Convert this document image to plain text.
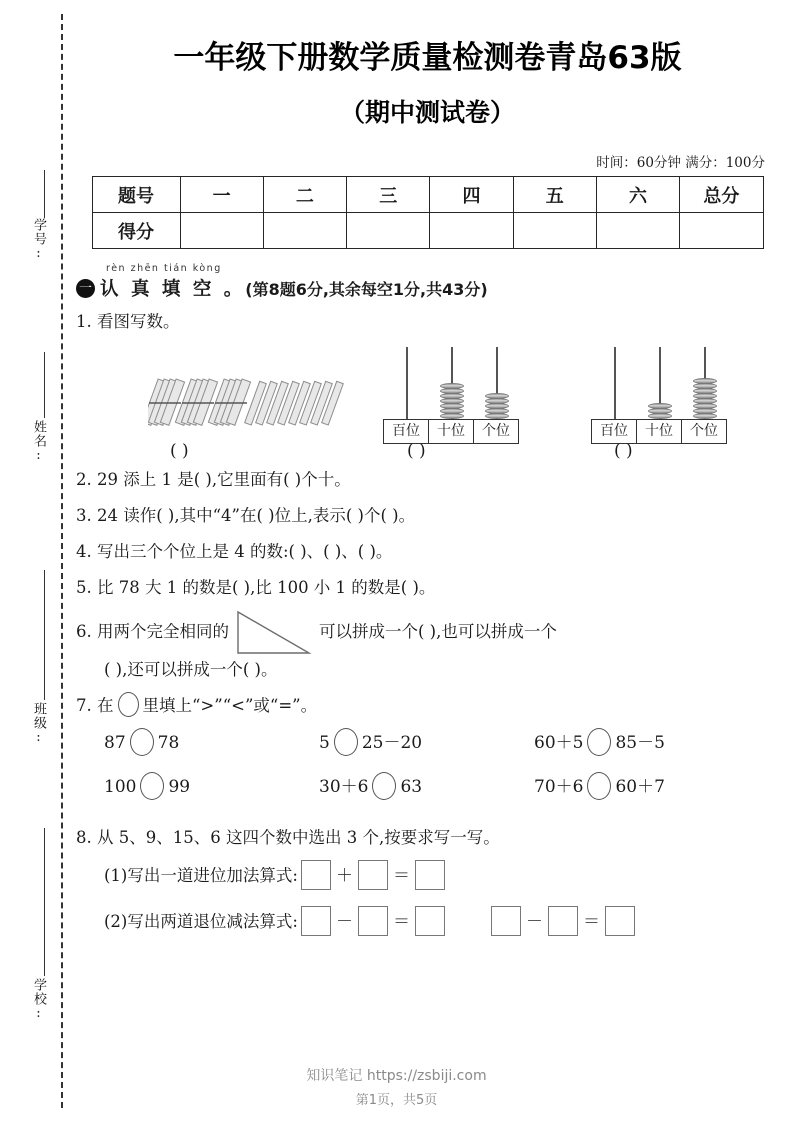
学号:
姓名:
班级:
学校:
一年级下册数学质量检测卷青岛63版
（期中测试卷）
时间：60分钟 满分：100分
题号	一	二	三	四	五	六	总分
得分							
rèn zhēn tián kòng
一 认 真 填 空 。 (第8题6分,其余每空1分,共43分)
1. 看图写数。
百位	十位	个位	百位	十位	个位
( )	( )	( )
2. 29 添上 1 是( ),它里面有( )个十。
3. 24 读作( ),其中“4”在( )位上,表示( )个( )。
4. 写出三个个位上是 4 的数:( )、( )、( )。
5. 比 78 大 1 的数是( ),比 100 小 1 的数是( )。
6. 用两个完全相同的	可以拼成一个( ),也可以拼成一个
( ),还可以拼成一个( )。
7. 在 里填上“>”“<”或“=”。
87 78	5 25－20	60＋5 85－5
100 99	30＋6 63	70＋6 60＋7
8. 从 5、9、15、6 这四个数中选出 3 个,按要求写一写。
(1)写出一道进位加法算式: ＋ ＝
(2)写出两道退位减法算式: － ＝	－ ＝
知识笔记 https://zsbiji.com
第1页，共5页
